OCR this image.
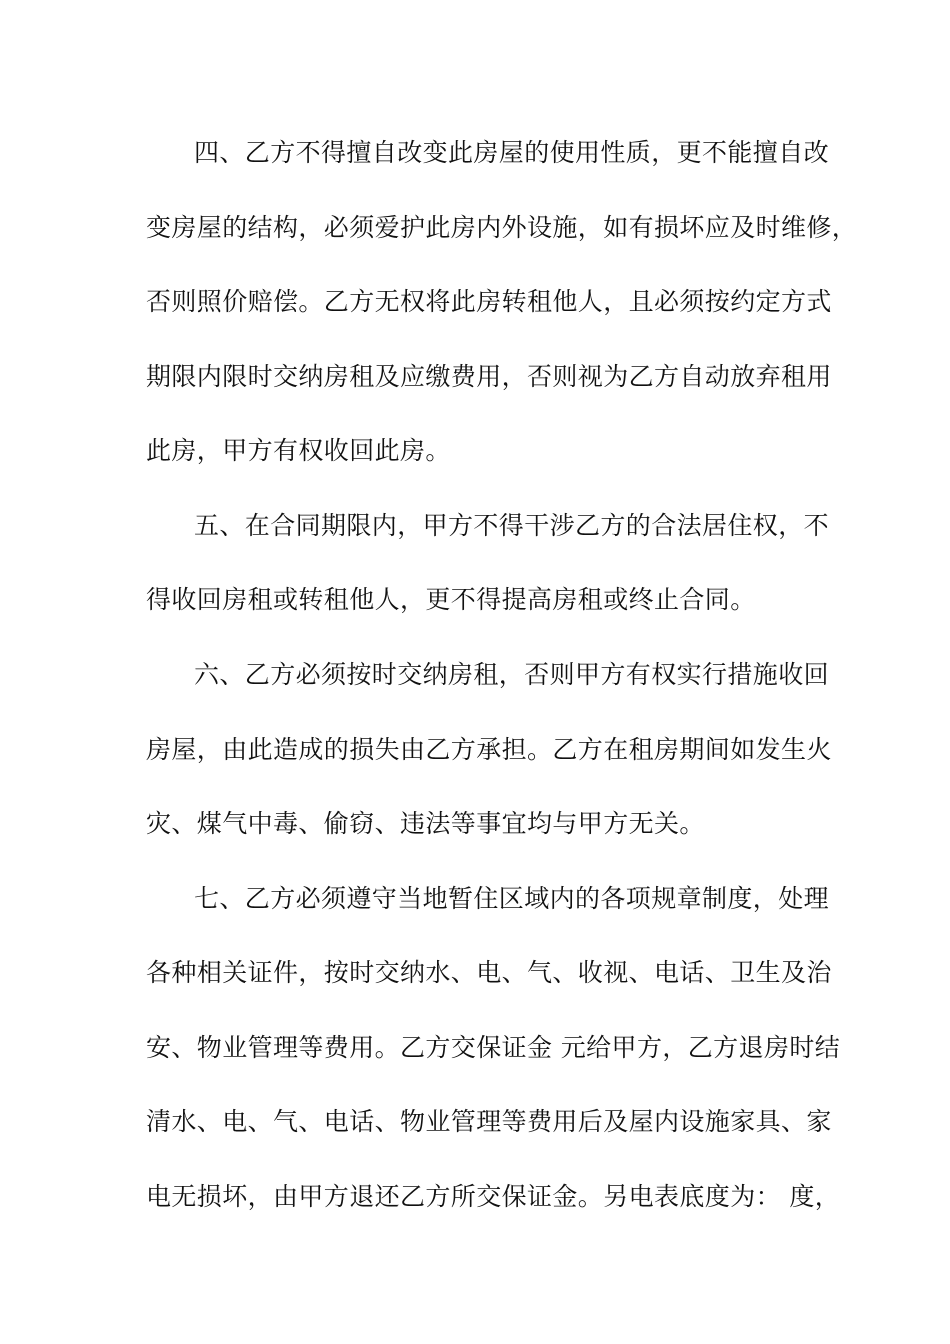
四、乙方不得擅自改变此房屋的使用性质，更不能擅自改
变房屋的结构，必须爱护此房内外设施，如有损坏应及时维修，
否则照价赔偿。乙方无权将此房转租他人，且必须按约定方式
期限内限时交纳房租及应缴费用，否则视为乙方自动放弃租用
此房，甲方有权收回此房。
五、在合同期限内，甲方不得干涉乙方的合法居住权，不
得收回房租或转租他人，更不得提高房租或终止合同。
六、乙方必须按时交纳房租，否则甲方有权实行措施收回
房屋，由此造成的损失由乙方承担。乙方在租房期间如发生火
灾、煤气中毒、偷窃、违法等事宜均与甲方无关。
七、乙方必须遵守当地暂住区域内的各项规章制度，处理
各种相关证件，按时交纳水、电、气、收视、电话、卫生及治
安、物业管理等费用。乙方交保证金 元给甲方，乙方退房时结
清水、电、气、电话、物业管理等费用后及屋内设施家具、家
电无损坏，由甲方退还乙方所交保证金。另电表底度为： 度，
